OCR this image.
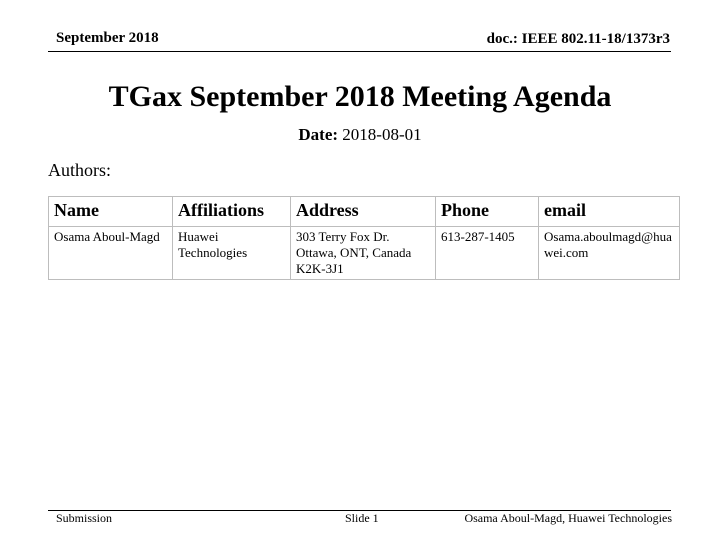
September 2018	doc.: IEEE 802.11-18/1373r3
TGax September 2018 Meeting Agenda
Date: 2018-08-01
Authors:
Name	Affiliations	Address	Phone	email
Osama Aboul-Magd	Huawei Technologies	303 Terry Fox Dr. Ottawa, ONT, Canada K2K-3J1	613-287-1405	Osama.aboulmagd@huawei.com
Submission	Slide 1	Osama Aboul-Magd, Huawei Technologies
